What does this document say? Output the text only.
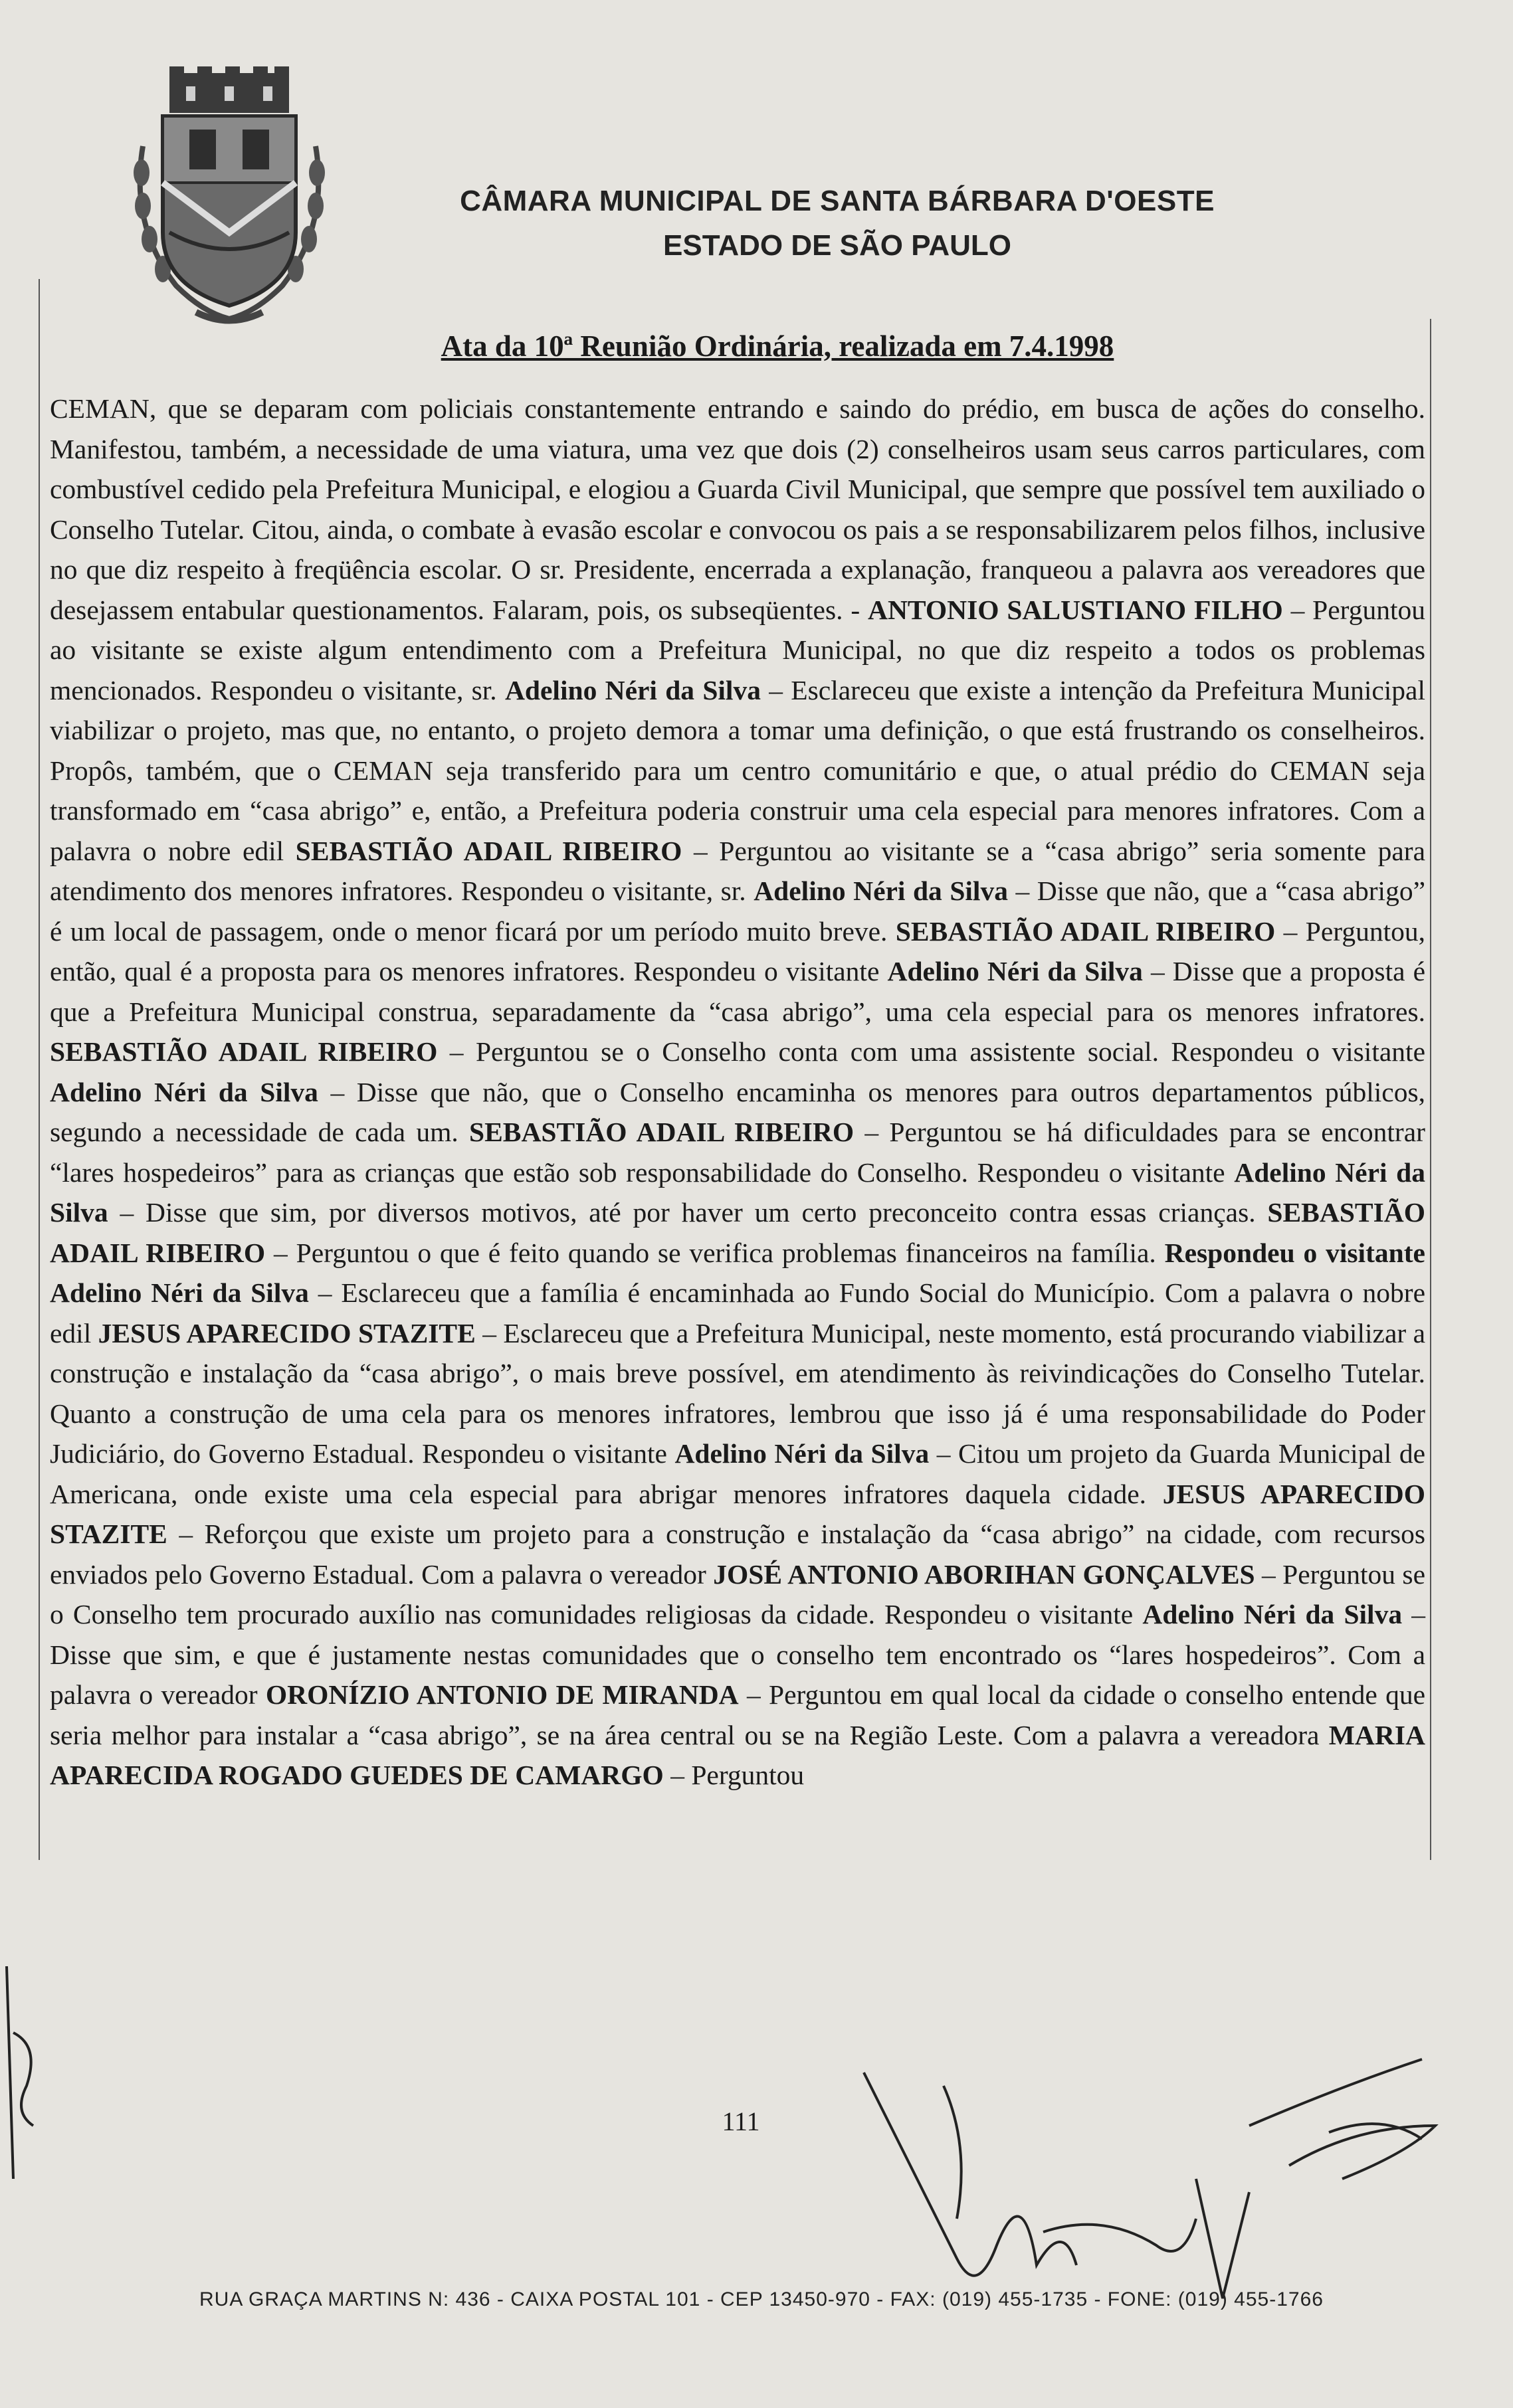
CÂMARA MUNICIPAL DE SANTA BÁRBARA D'OESTE
ESTADO DE SÃO PAULO
Ata da 10ª Reunião Ordinária, realizada em 7.4.1998

CEMAN, que se deparam com policiais constantemente entrando e saindo do prédio, em busca de ações do conselho. Manifestou, também, a necessidade de uma viatura, uma vez que dois (2) conselheiros usam seus carros particulares, com combustível cedido pela Prefeitura Municipal, e elogiou a Guarda Civil Municipal, que sempre que possível tem auxiliado o Conselho Tutelar. Citou, ainda, o combate à evasão escolar e convocou os pais a se responsabilizarem pelos filhos, inclusive no que diz respeito à freqüência escolar. O sr. Presidente, encerrada a explanação, franqueou a palavra aos vereadores que desejassem entabular questionamentos. Falaram, pois, os subseqüentes. - ANTONIO SALUSTIANO FILHO – Perguntou ao visitante se existe algum entendimento com a Prefeitura Municipal, no que diz respeito a todos os problemas mencionados. Respondeu o visitante, sr. Adelino Néri da Silva – Esclareceu que existe a intenção da Prefeitura Municipal viabilizar o projeto, mas que, no entanto, o projeto demora a tomar uma definição, o que está frustrando os conselheiros. Propôs, também, que o CEMAN seja transferido para um centro comunitário e que, o atual prédio do CEMAN seja transformado em “casa abrigo” e, então, a Prefeitura poderia construir uma cela especial para menores infratores. Com a palavra o nobre edil SEBASTIÃO ADAIL RIBEIRO – Perguntou ao visitante se a “casa abrigo” seria somente para atendimento dos menores infratores. Respondeu o visitante, sr. Adelino Néri da Silva – Disse que não, que a “casa abrigo” é um local de passagem, onde o menor ficará por um período muito breve. SEBASTIÃO ADAIL RIBEIRO – Perguntou, então, qual é a proposta para os menores infratores. Respondeu o visitante Adelino Néri da Silva – Disse que a proposta é que a Prefeitura Municipal construa, separadamente da “casa abrigo”, uma cela especial para os menores infratores. SEBASTIÃO ADAIL RIBEIRO – Perguntou se o Conselho conta com uma assistente social. Respondeu o visitante Adelino Néri da Silva – Disse que não, que o Conselho encaminha os menores para outros departamentos públicos, segundo a necessidade de cada um. SEBASTIÃO ADAIL RIBEIRO – Perguntou se há dificuldades para se encontrar “lares hospedeiros” para as crianças que estão sob responsabilidade do Conselho. Respondeu o visitante Adelino Néri da Silva – Disse que sim, por diversos motivos, até por haver um certo preconceito contra essas crianças. SEBASTIÃO ADAIL RIBEIRO – Perguntou o que é feito quando se verifica problemas financeiros na família. Respondeu o visitante Adelino Néri da Silva – Esclareceu que a família é encaminhada ao Fundo Social do Município. Com a palavra o nobre edil JESUS APARECIDO STAZITE – Esclareceu que a Prefeitura Municipal, neste momento, está procurando viabilizar a construção e instalação da “casa abrigo”, o mais breve possível, em atendimento às reivindicações do Conselho Tutelar. Quanto a construção de uma cela para os menores infratores, lembrou que isso já é uma responsabilidade do Poder Judiciário, do Governo Estadual. Respondeu o visitante Adelino Néri da Silva – Citou um projeto da Guarda Municipal de Americana, onde existe uma cela especial para abrigar menores infratores daquela cidade. JESUS APARECIDO STAZITE – Reforçou que existe um projeto para a construção e instalação da “casa abrigo” na cidade, com recursos enviados pelo Governo Estadual. Com a palavra o vereador JOSÉ ANTONIO ABORIHAN GONÇALVES – Perguntou se o Conselho tem procurado auxílio nas comunidades religiosas da cidade. Respondeu o visitante Adelino Néri da Silva – Disse que sim, e que é justamente nestas comunidades que o conselho tem encontrado os “lares hospedeiros”. Com a palavra o vereador ORONÍZIO ANTONIO DE MIRANDA – Perguntou em qual local da cidade o conselho entende que seria melhor para instalar a “casa abrigo”, se na área central ou se na Região Leste. Com a palavra a vereadora MARIA APARECIDA ROGADO GUEDES DE CAMARGO – Perguntou

111
RUA GRAÇA MARTINS N: 436 - CAIXA POSTAL 101 - CEP 13450-970 - FAX: (019) 455-1735 - FONE: (019) 455-1766
